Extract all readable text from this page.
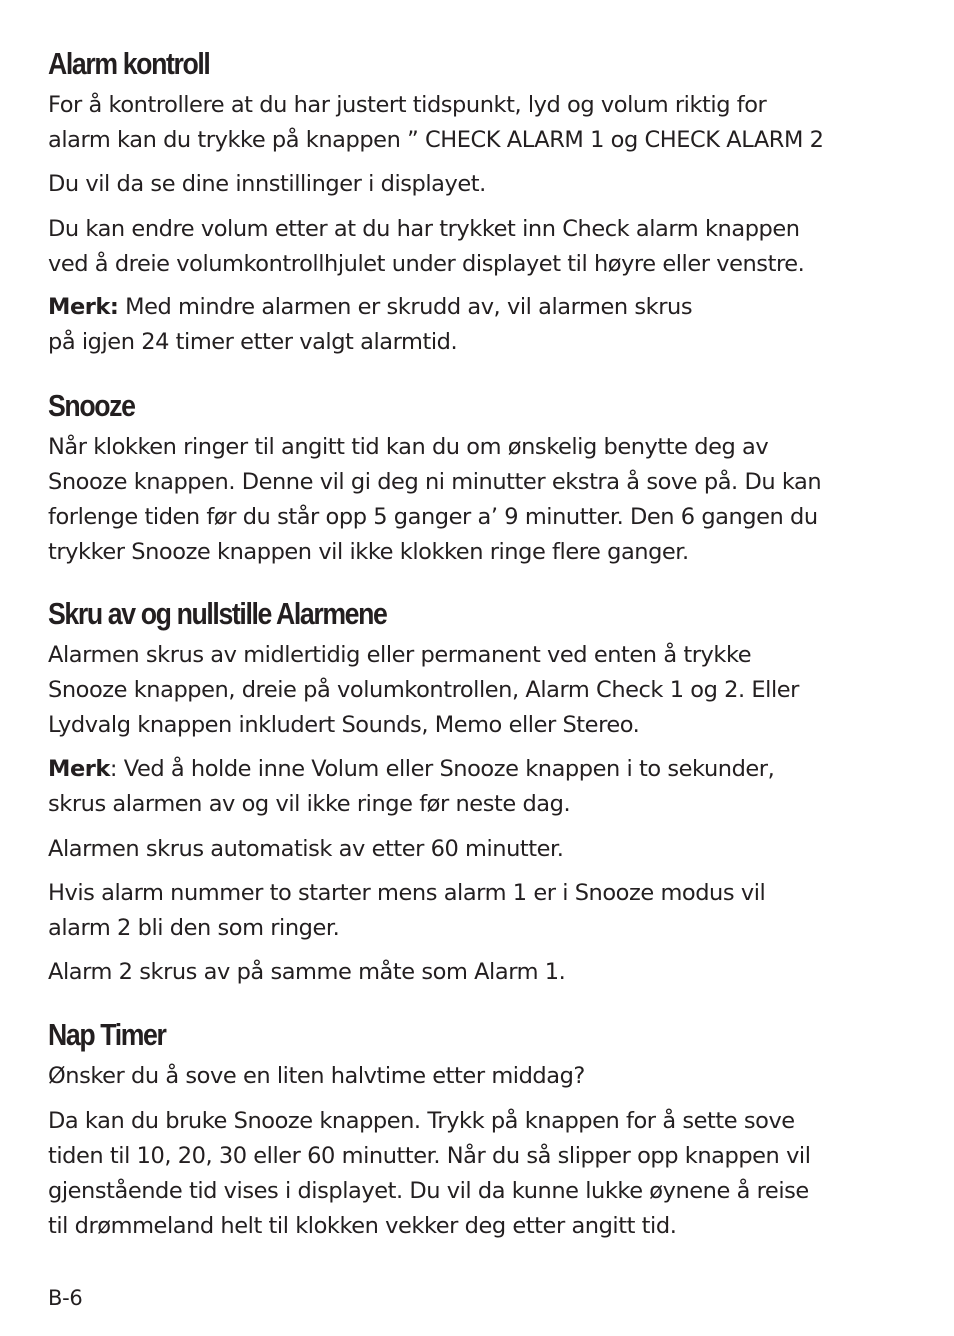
Alarm kontroll

For å kontrollere at du har justert tidspunkt, lyd og volum riktig for
alarm kan du trykke på knappen ” CHECK ALARM 1 og CHECK ALARM 2

Du vil da se dine innstillinger i displayet.

Du kan endre volum etter at du har trykket inn Check alarm knappen
ved å dreie volumkontrollhjulet under displayet til høyre eller venstre.

Merk: Med mindre alarmen er skrudd av, vil alarmen skrus
på igjen 24 timer etter valgt alarmtid.

Snooze

Når klokken ringer til angitt tid kan du om ønskelig benytte deg av
Snooze knappen. Denne vil gi deg ni minutter ekstra å sove på. Du kan
forlenge tiden før du står opp 5 ganger a’ 9 minutter. Den 6 gangen du
trykker Snooze knappen vil ikke klokken ringe flere ganger.

Skru av og nullstille Alarmene

Alarmen skrus av midlertidig eller permanent ved enten å trykke
Snooze knappen, dreie på volumkontrollen, Alarm Check 1 og 2. Eller
Lydvalg knappen inkludert Sounds, Memo eller Stereo.

Merk: Ved å holde inne Volum eller Snooze knappen i to sekunder,
skrus alarmen av og vil ikke ringe før neste dag.

Alarmen skrus automatisk av etter 60 minutter.

Hvis alarm nummer to starter mens alarm 1 er i Snooze modus vil
alarm 2 bli den som ringer.

Alarm 2 skrus av på samme måte som Alarm 1.

Nap Timer

Ønsker du å sove en liten halvtime etter middag?

Da kan du bruke Snooze knappen. Trykk på knappen for å sette sove
tiden til 10, 20, 30 eller 60 minutter. Når du så slipper opp knappen vil
gjenstående tid vises i displayet. Du vil da kunne lukke øynene å reise
til drømmeland helt til klokken vekker deg etter angitt tid.

B-6
